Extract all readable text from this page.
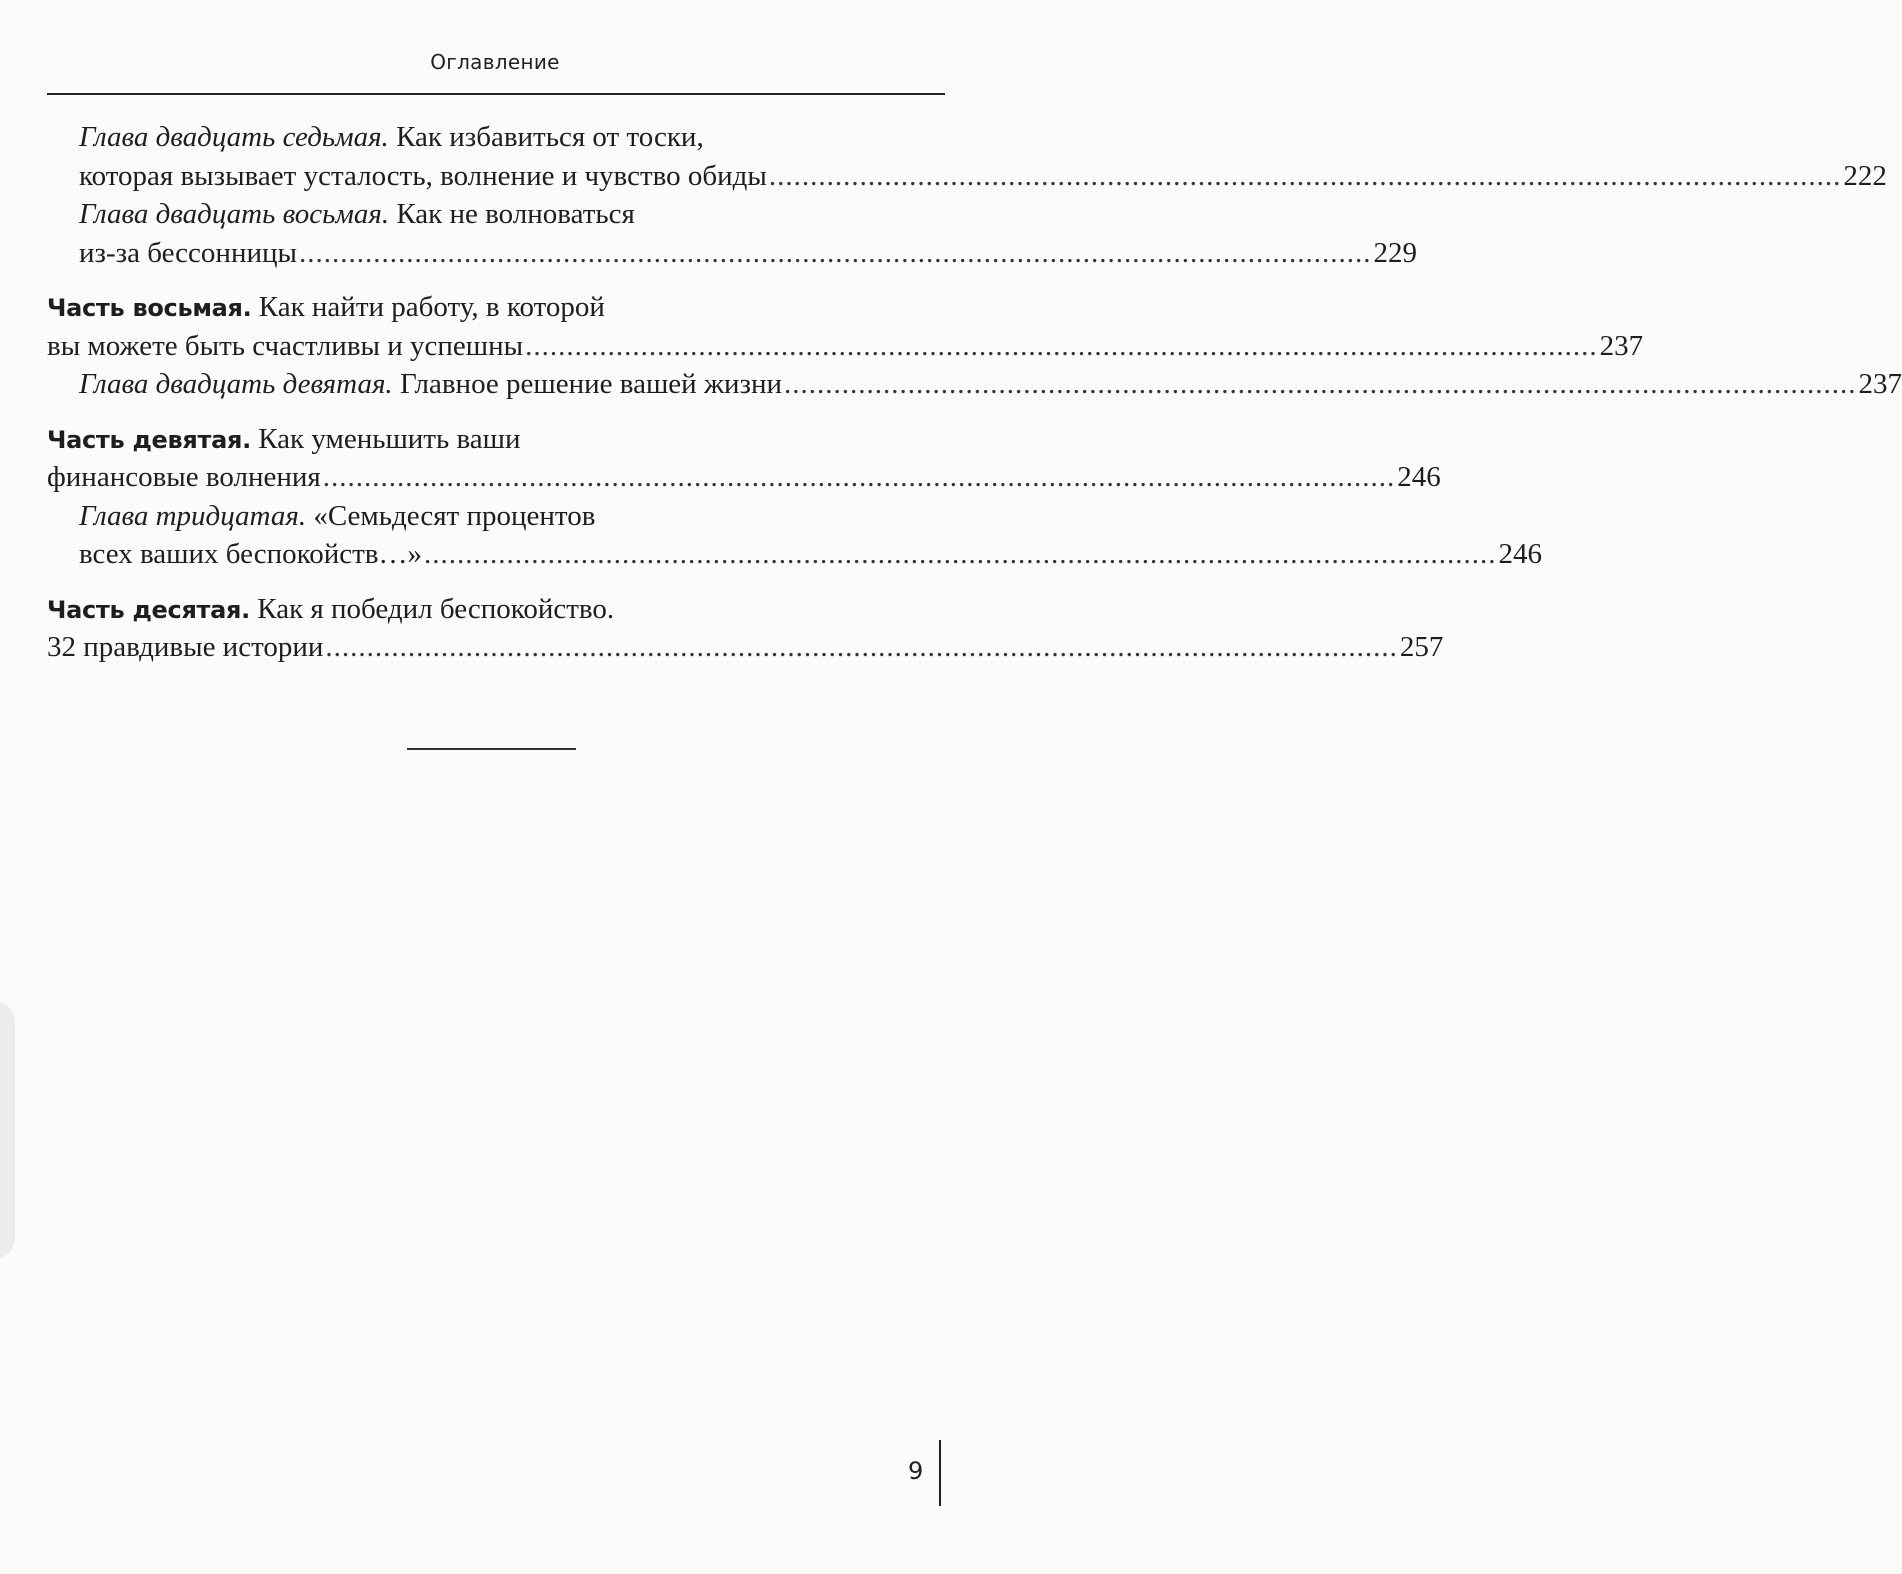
Оглавление
Глава двадцать седьмая. Как избавиться от тоски,
которая вызывает усталость, волнение и чувство обиды .................................................................................................................................. 222
Глава двадцать восьмая. Как не волноваться
из-за бессонницы .................................................................................................................................. 229
Часть восьмая. Как найти работу, в которой
вы можете быть счастливы и успешны .................................................................................................................................. 237
Глава двадцать девятая. Главное решение вашей жизни .................................................................................................................................. 237
Часть девятая. Как уменьшить ваши
финансовые волнения .................................................................................................................................. 246
Глава тридцатая. «Семьдесят процентов
всех ваших беспокойств…» .................................................................................................................................. 246
Часть десятая. Как я победил беспокойство.
32 правдивые истории .................................................................................................................................. 257
9
